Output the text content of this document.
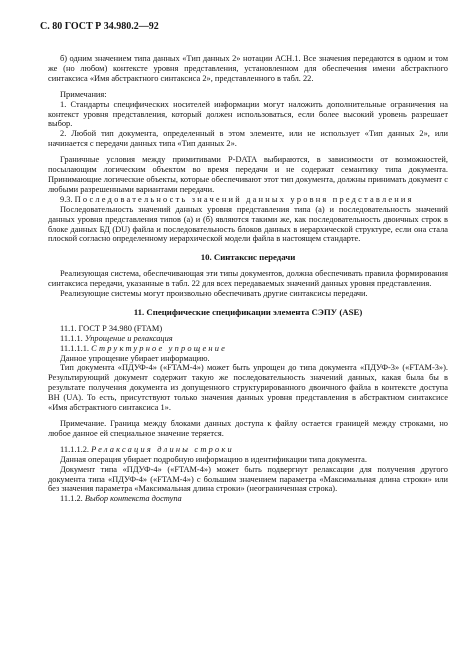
С. 80 ГОСТ Р 34.980.2—92

б) одним значением типа данных «Тип данных 2» нотации АСН.1. Все значения передаются в одном и том же (но любом) контексте уровня представления, установленном для обеспечения имени абстрактного синтаксиса «Имя абстрактного синтаксиса 2», представленного в табл. 22.

Примечания:

1. Стандарты специфических носителей информации могут наложить дополнительные ограничения на контекст уровня представления, который должен использоваться, если более высокий уровень разрешает выбор.

2. Любой тип документа, определенный в этом элементе, или не использует «Тип данных 2», или начинается с передачи данных типа «Тип данных 2».

Граничные условия между примитивами P-DATA выбираются, в зависимости от возможностей, посылающим логическим объектом во время передачи и не содержат семантику типа документа. Принимающие логические объекты, которые обеспечивают этот тип документа, должны принимать документ с любыми разрешенными вариантами передачи.

9.3. Последовательность значений данных уровня представления

Последовательность значений данных уровня представления типа (а) и последовательность значений данных уровня представления типов (а) и (б) являются такими же, как последовательность двоичных строк в блоке данных БД (DU) файла и последовательность блоков данных в иерархической структуре, если она стала плоской согласно определенному иерархической модели файла в настоящем стандарте.

10. Синтаксис передачи

Реализующая система, обеспечивающая эти типы документов, должна обеспечивать правила формирования синтаксиса передачи, указанные в табл. 22 для всех передаваемых значений данных уровня представления.

Реализующие системы могут произвольно обеспечивать другие синтаксисы передачи.

11. Специфические спецификации элемента СЭПУ (ASE)

11.1. ГОСТ Р 34.980 (FTAM)

11.1.1. Упрощение и релаксация

11.1.1.1. Структурное упрощение

Данное упрощение убирает информацию.

Тип документа «ПДУФ-4» («FTAM-4») может быть упрощен до типа документа «ПДУФ-3» («FTAM-3»). Результирующий документ содержит такую же последовательность значений данных, какая была бы в результате получения документа из допущенного структурированного двоичного файла в контексте доступа ВН (UA). То есть, присутствуют только значения данных уровня представления в абстрактном синтаксисе «Имя абстрактного синтаксиса 1».

Примечание. Граница между блоками данных доступа к файлу остается границей между строками, но любое данное ей специальное значение теряется.

11.1.1.2. Релаксация длины строки

Данная операция убирает подробную информацию в идентификации типа документа.

Документ типа «ПДУФ-4» («FTAM-4») может быть подвергнут релаксации для получения другого документа типа «ПДУФ-4» («FTAM-4») с большим значением параметра «Максимальная длина строки» или без значения параметра «Максимальная длина строки» (неограниченная строка).

11.1.2. Выбор контекста доступа
